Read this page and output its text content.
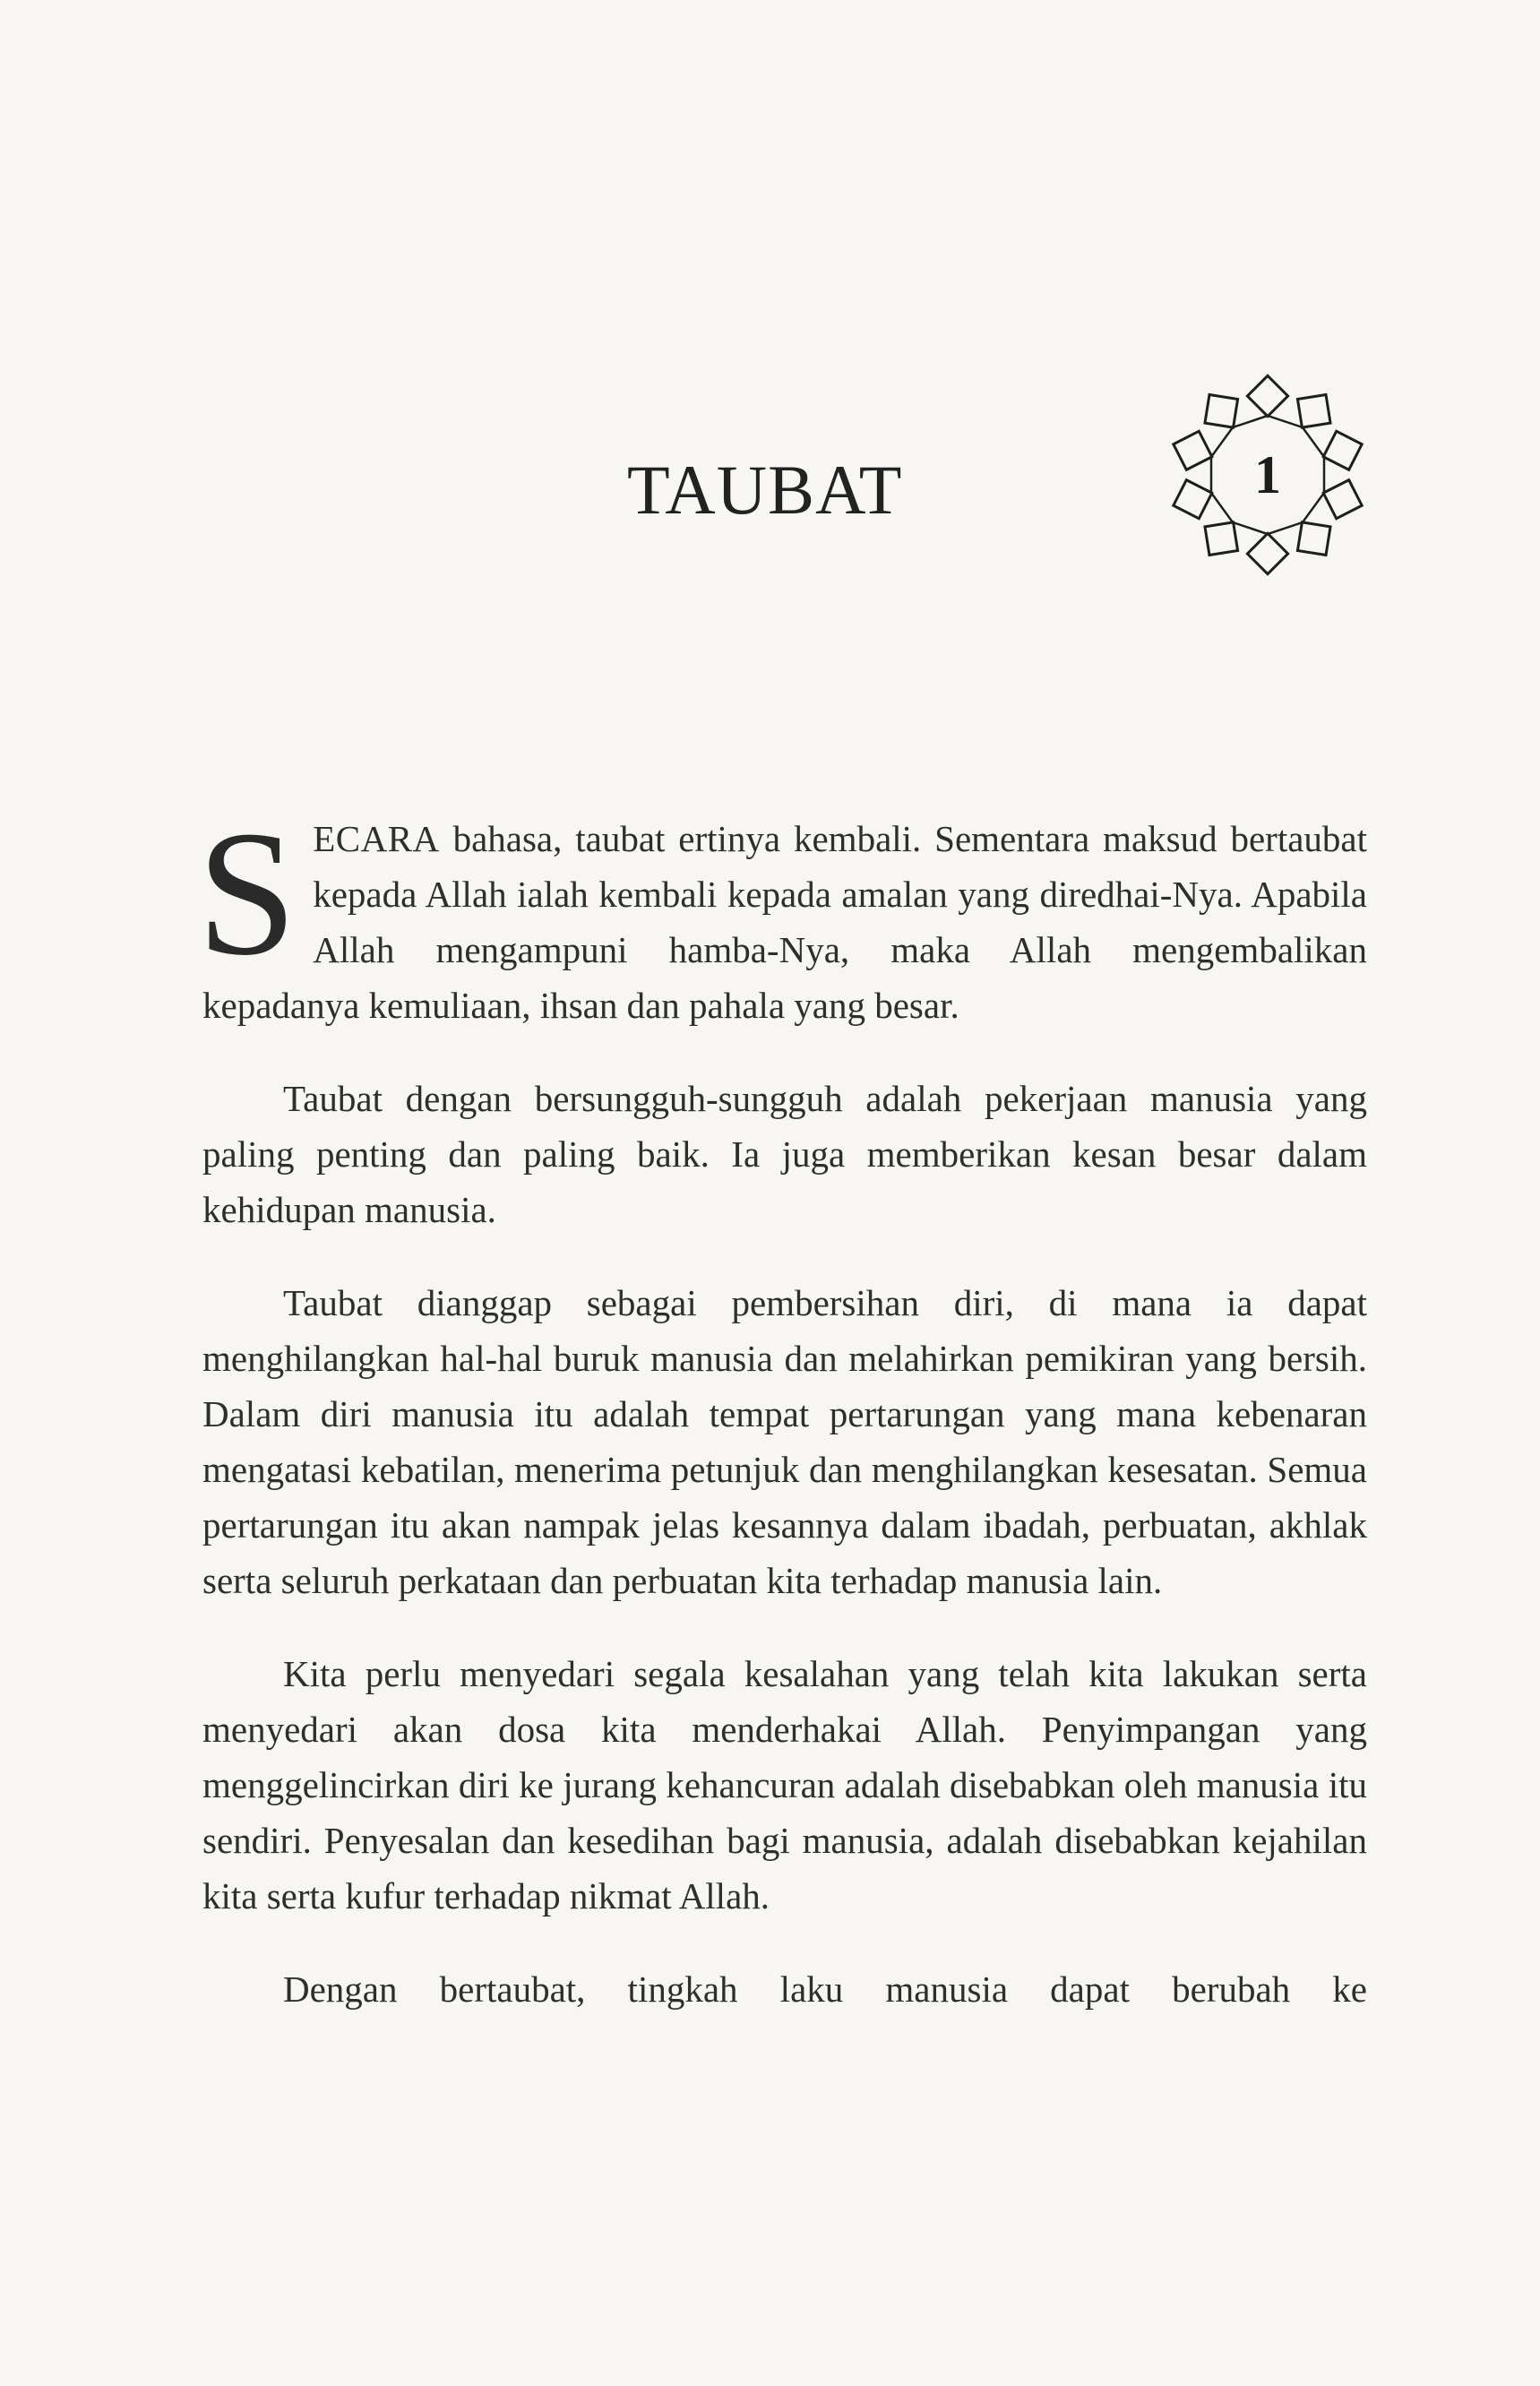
TAUBAT	1

SECARA bahasa, taubat ertinya kembali. Sementara maksud bertaubat kepada Allah ialah kembali kepada amalan yang diredhai-Nya. Apabila Allah mengampuni hamba-Nya, maka Allah mengembalikan kepadanya kemuliaan, ihsan dan pahala yang besar.

Taubat dengan bersungguh-sungguh adalah pekerjaan manusia yang paling penting dan paling baik. Ia juga memberikan kesan besar dalam kehidupan manusia.

Taubat dianggap sebagai pembersihan diri, di mana ia dapat menghilangkan hal-hal buruk manusia dan melahirkan pemikiran yang bersih. Dalam diri manusia itu adalah tempat pertarungan yang mana kebenaran mengatasi kebatilan, menerima petunjuk dan menghilangkan kesesatan. Semua pertarungan itu akan nampak jelas kesannya dalam ibadah, perbuatan, akhlak serta seluruh perkataan dan perbuatan kita terhadap manusia lain.

Kita perlu menyedari segala kesalahan yang telah kita lakukan serta menyedari akan dosa kita menderhakai Allah. Penyimpangan yang menggelincirkan diri ke jurang kehancuran adalah disebabkan oleh manusia itu sendiri. Penyesalan dan kesedihan bagi manusia, adalah disebabkan kejahilan kita serta kufur terhadap nikmat Allah.

Dengan bertaubat, tingkah laku manusia dapat berubah ke
